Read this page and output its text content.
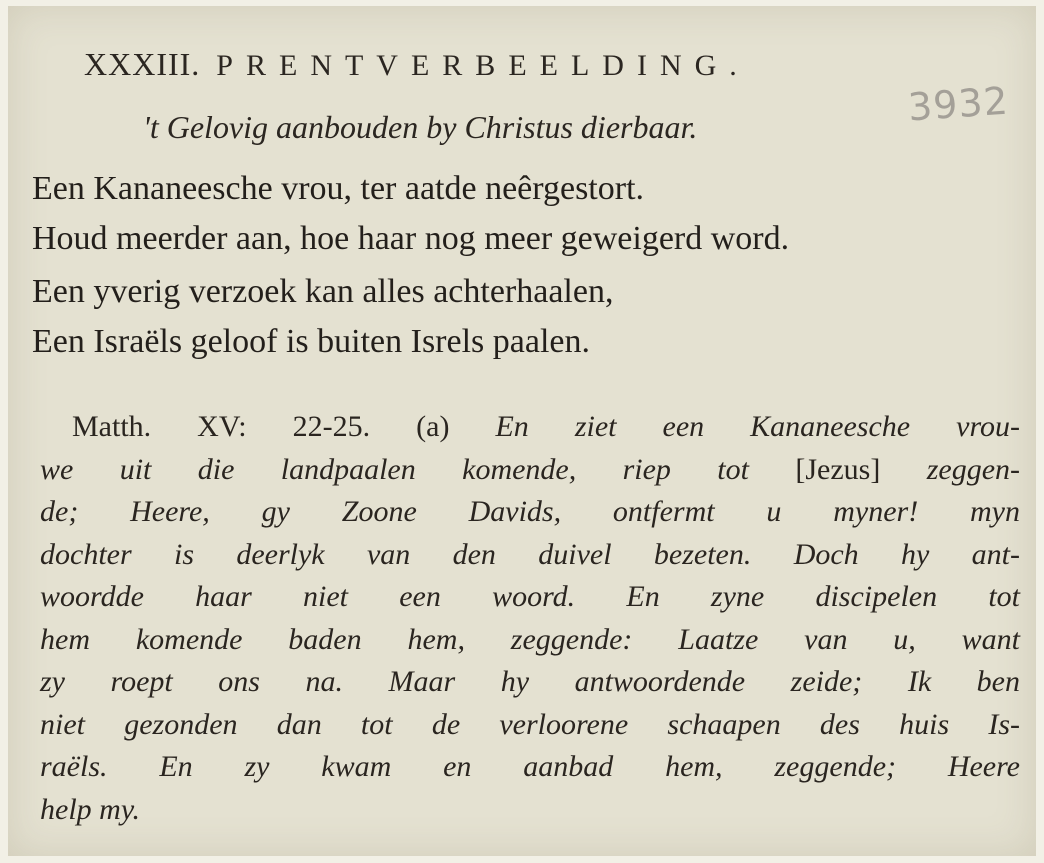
XXXIII. PRENTVERBEELDING.
't Gelovig aanbouden by Christus dierbaar.	3932
Een Kananeesche vrou, ter aatde neêrgestort.
Houd meerder aan, hoe haar nog meer geweigerd word.
Een yverig verzoek kan alles achterhaalen,
Een Israëls geloof is buiten Isrels paalen.
Matth. XV: 22-25. (a) En ziet een Kananeesche vrou-
we uit die landpaalen komende, riep tot [Jezus] zeggen-
de; Heere, gy Zoone Davids, ontfermt u myner! myn
dochter is deerlyk van den duivel bezeten. Doch hy ant-
woordde haar niet een woord. En zyne discipelen tot
hem komende baden hem, zeggende: Laatze van u, want
zy roept ons na. Maar hy antwoordende zeide; Ik ben
niet gezonden dan tot de verloorene schaapen des huis Is-
raëls. En zy kwam en aanbad hem, zeggende; Heere
help my.
